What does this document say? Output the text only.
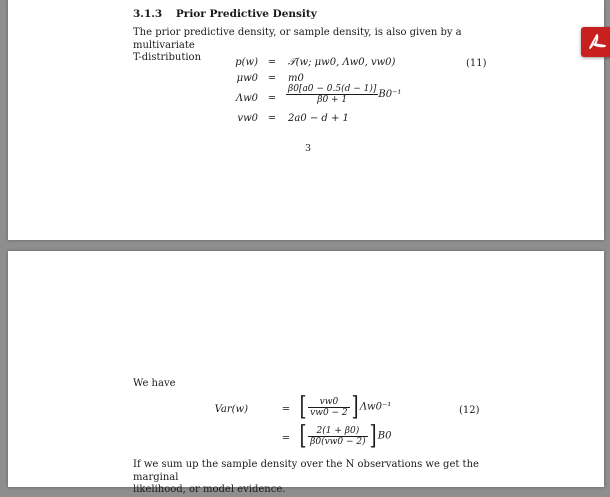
3.1.3 Prior Predictive Density
The prior predictive density, or sample density, is also given by a multivariate
T-distribution	p(w) = 𝒯(w; μw0, Λw0, vw0)	(11)
μw0 = m0
$\Lambda w0 = \frac{\beta 0[a0 - 0.5(d - 1)]}{\beta 0 + 1} B0^{-1}$
vw0 = 2a0 − d + 1
3
We have
Var(w)	= [ $\frac{vw0}{vw0 - 2}$ ] Λw0⁻¹	(12)
= [ $\frac{2(1 + \beta 0)}{\beta 0(vw0 - 2)}$ ] B0
If we sum up the sample density over the N observations we get the marginal
likelihood, or model evidence.
